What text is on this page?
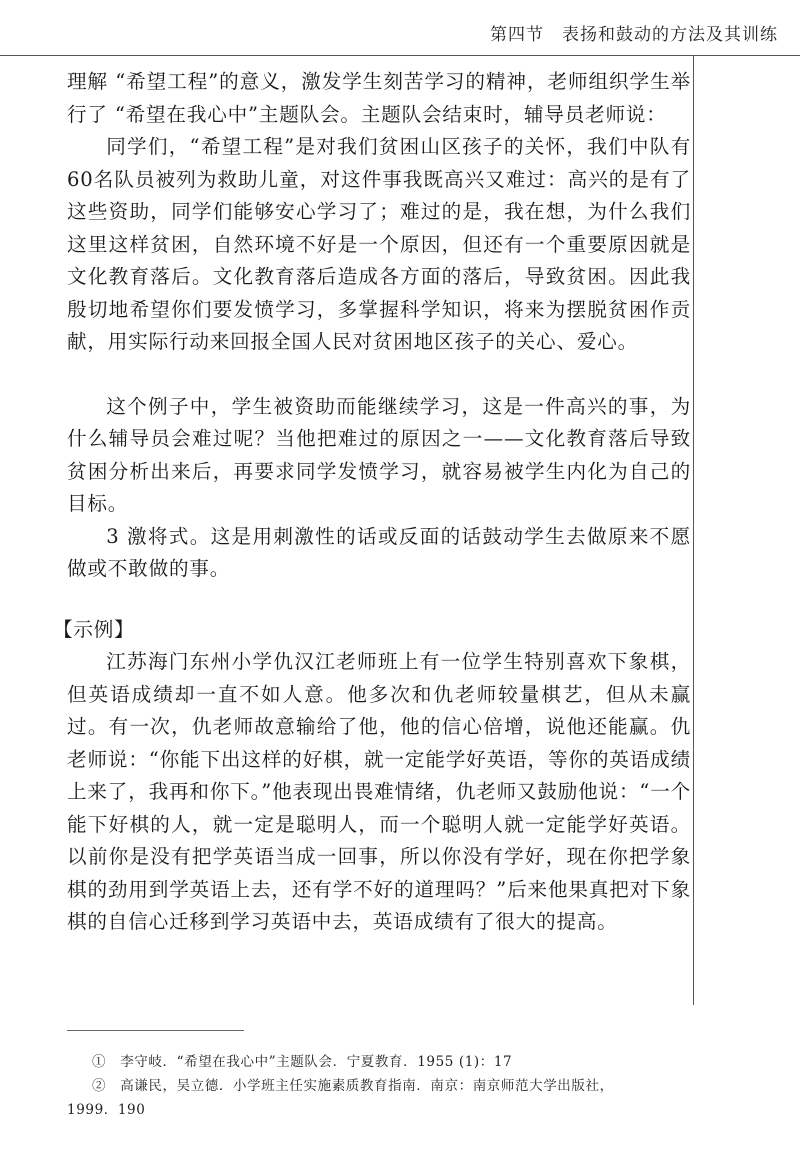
第四节　表扬和鼓动的方法及其训练

理解 “希望工程”的意义，激发学生刻苦学习的精神，老师组织学生举行了 “希望在我心中”主题队会。主题队会结束时，辅导员老师说：

同学们，“希望工程”是对我们贫困山区孩子的关怀，我们中队有 60名队员被列为救助儿童，对这件事我既高兴又难过：高兴的是有了这些资助，同学们能够安心学习了；难过的是，我在想，为什么我们这里这样贫困，自然环境不好是一个原因，但还有一个重要原因就是文化教育落后。文化教育落后造成各方面的落后，导致贫困。因此我殷切地希望你们要发愤学习，多掌握科学知识，将来为摆脱贫困作贡献，用实际行动来回报全国人民对贫困地区孩子的关心、爱心。

这个例子中，学生被资助而能继续学习，这是一件高兴的事，为什么辅导员会难过呢？当他把难过的原因之一——文化教育落后导致贫困分析出来后，再要求同学发愤学习，就容易被学生内化为自己的目标。

3 激将式。这是用刺激性的话或反面的话鼓动学生去做原来不愿做或不敢做的事。

【示例】

江苏海门东州小学仇汉江老师班上有一位学生特别喜欢下象棋，但英语成绩却一直不如人意。他多次和仇老师较量棋艺，但从未赢过。有一次，仇老师故意输给了他，他的信心倍增，说他还能赢。仇老师说：“你能下出这样的好棋，就一定能学好英语，等你的英语成绩上来了，我再和你下。”他表现出畏难情绪，仇老师又鼓励他说：“一个能下好棋的人，就一定是聪明人，而一个聪明人就一定能学好英语。以前你是没有把学英语当成一回事，所以你没有学好，现在你把学象棋的劲用到学英语上去，还有学不好的道理吗？”后来他果真把对下象棋的自信心迁移到学习英语中去，英语成绩有了很大的提高。

①　李守岐．“希望在我心中”主题队会．宁夏教育．1955 (1)：17

②　高谦民，吴立德．小学班主任实施素质教育指南．南京：南京师范大学出版社，

1999．190
